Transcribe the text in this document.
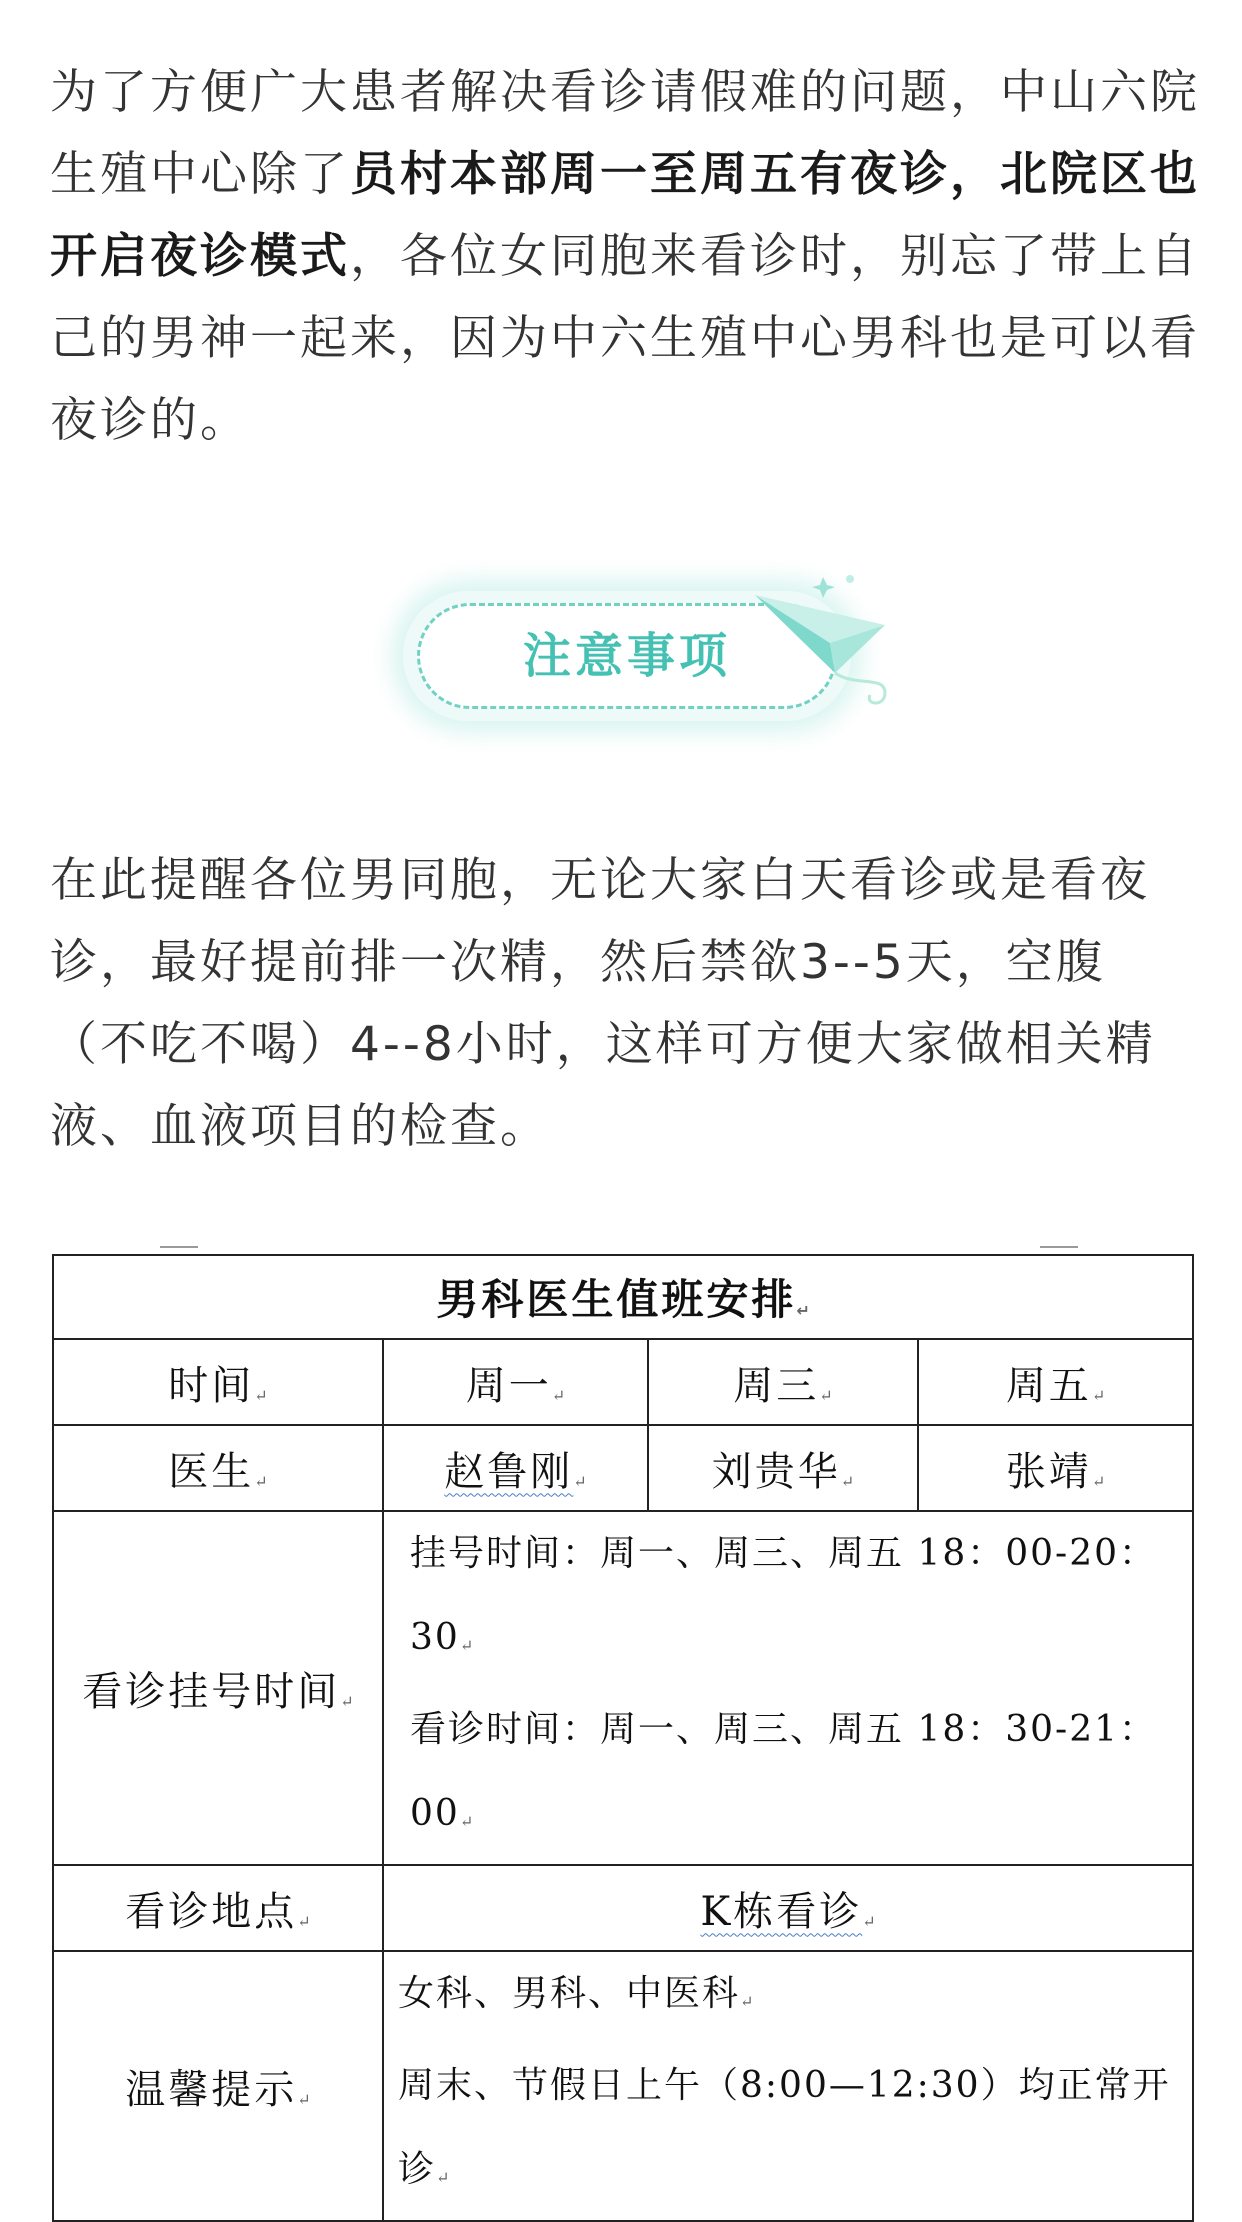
为了方便广大患者解决看诊请假难的问题，中山六院生殖中心除了员村本部周一至周五有夜诊，北院区也开启夜诊模式，各位女同胞来看诊时，别忘了带上自己的男神一起来，因为中六生殖中心男科也是可以看夜诊的。

注意事项

在此提醒各位男同胞，无论大家白天看诊或是看夜诊，最好提前排一次精，然后禁欲3--5天，空腹（不吃不喝）4--8小时，这样可方便大家做相关精液、血液项目的检查。

男科医生值班安排↵			
时间↵	周一↵	周三↵	周五↵
医生↵	赵鲁刚↵	刘贵华↵	张靖↵
看诊挂号时间↵	挂号时间：周一、周三、周五 18：00-20：30↵
看诊时间：周一、周三、周五 18：30-21：00↵		

看诊地点↵	K栋看诊↵		
温馨提示↵	女科、男科、中医科↵
周末、节假日上午（8:00—12:30）均正常开诊↵		
